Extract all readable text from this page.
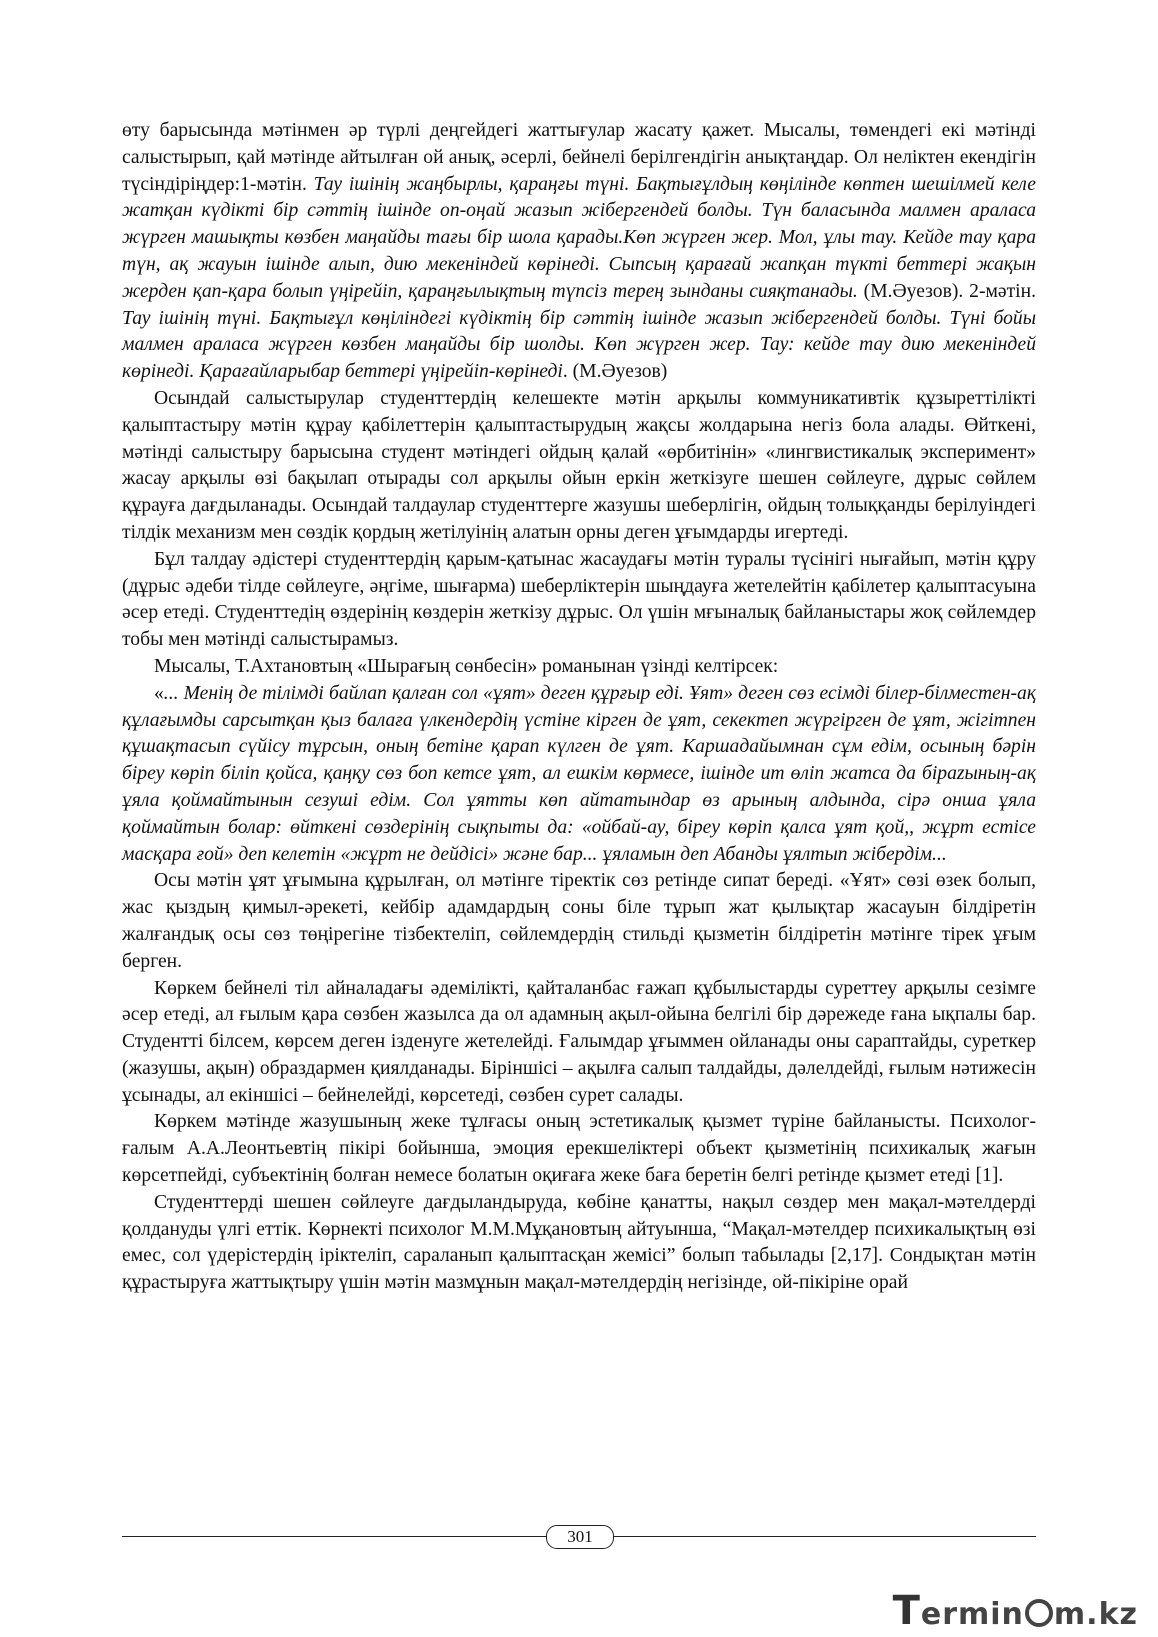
өту барысында мәтінмен әр түрлі деңгейдегі жаттығулар жасату қажет. Мысалы, төмендегі екі мәтінді салыстырып, қай мәтінде айтылған ой анық, әсерлі, бейнелі берілгендігін анықтаңдар. Ол неліктен екендігін түсіндіріңдер:1-мәтін. Тау ішінің жаңбырлы, қараңғы түні. Бақтығұлдың көңілінде көптен шешілмей келе жатқан күдікті бір сәттің ішінде оп-оңай жазып жібергендей болды. Түн баласында малмен араласа жүрген машықты көзбен маңайды тағы бір шола қарады.Көп жүрген жер. Мол, ұлы тау. Кейде тау қара түн, ақ жауын ішінде алып, дию мекеніндей көрінеді. Сыпсың қарағай жапқан түкті беттері жақын жерден қап-қара болып үңірейіп, қараңғылықтың түпсіз терең зынданы сияқтанады. (М.Әуезов). 2-мәтін. Тау ішінің түні. Бақтығұл көңіліндегі күдіктің бір сәттің ішінде жазып жібергендей болды. Түні бойы малмен араласа жүрген көзбен маңайды бір шолды. Көп жүрген жер. Тау: кейде тау дию мекеніндей көрінеді. Қарағайларыбар беттері үңірейіп-көрінеді. (М.Әуезов)

Осындай салыстырулар студенттердің келешекте мәтін арқылы коммуникативтік құзыреттілікті қалыптастыру мәтін құрау қабілеттерін қалыптастырудың жақсы жолдарына негіз бола алады. Өйткені, мәтінді салыстыру барысына студент мәтіндегі ойдың қалай «өрбитінін» «лингвистикалық эксперимент» жасау арқылы өзі бақылап отырады сол арқылы ойын еркін жеткізуге шешен сөйлеуге, дұрыс сөйлем құрауға дағдыланады. Осындай талдаулар студенттерге жазушы шеберлігін, ойдың толыққанды берілуіндегі тілдік механизм мен сөздік қордың жетілуінің алатын орны деген ұғымдарды игертеді.

Бұл талдау әдістері студенттердің қарым-қатынас жасаудағы мәтін туралы түсінігі нығайып, мәтін құру (дұрыс әдеби тілде сөйлеуге, әңгіме, шығарма) шеберліктерін шыңдауға жетелейтін қабілетер қалыптасуына әсер етеді. Студенттедің өздерінің көздерін жеткізу дұрыс. Ол үшін мғыналық байланыстары жоқ сөйлемдер тобы мен мәтінді салыстырамыз.

Мысалы, Т.Ахтановтың «Шырағың сөнбесін» романынан үзінді келтірсек:

«... Менің де тілімді байлап қалған сол «ұят» деген құрғыр еді. Ұят» деген сөз есімді білер-білместен-ақ құлағымды сарсытқан қыз балаға үлкендердің үстіне кірген де ұят, секектеп жүргірген де ұят, жігітпен құшақтасып сүйісу тұрсын, оның бетіне қарап күлген де ұят. Каршадайымнан сұм едім, осының бәрін біреу көріп біліп қойса, қаңқу сөз боп кетсе ұят, ал ешкім көрмесе, ішінде ит өліп жатса да бірazының-ақ ұяла қоймайтынын сезуші едім. Сол ұятты көп айтатындар өз арының алдында, сірә онша ұяла қоймайтын болар: өйткені сөздерінің сықпыты да: «ойбай-ау, біреу көріп қалса ұят қой,, жұрт естісе масқара ғой» деп келетін «жұрт не дейдісі» және бар... ұяламын деп Абанды ұялтып жібердім...

Осы мәтін ұят ұғымына құрылған, ол мәтінге тіректік сөз ретінде сипат береді. «Ұят» сөзі өзек болып, жас қыздың қимыл-әрекеті, кейбір адамдардың соны біле тұрып жат қылықтар жасауын білдіретін жалғандық осы сөз төңірегіне тізбектеліп, сөйлемдердің стильді қызметін білдіретін мәтінге тірек ұғым берген.

Көркем бейнелі тіл айналадағы әдемілікті, қайталанбас ғажап құбылыстарды суреттеу арқылы сезімге әсер етеді, ал ғылым қара сөзбен жазылса да ол адамның ақыл-ойына белгілі бір дәрежеде ғана ықпалы бар. Студентті білсем, көрсем деген ізденуге жетелейді. Ғалымдар ұғыммен ойланады оны сараптайды, суреткер (жазушы, ақын) образдармен қиялданады. Біріншісі – ақылға салып талдайды, дәлелдейді, ғылым нәтижесін ұсынады, ал екіншісі – бейнелейді, көрсетеді, сөзбен сурет салады.

Көркем мәтінде жазушының жеке тұлғасы оның эстетикалық қызмет түріне байланысты. Психолог-ғалым А.А.Леонтьевтің пікірі бойынша, эмоция ерекшеліктері объект қызметінің психикалық жағын көрсетпейді, субъектінің болған немесе болатын оқиғаға жеке баға беретін белгі ретінде қызмет етеді [1].

Студенттерді шешен сөйлеуге дағдыландыруда, көбіне қанатты, нақыл сөздер мен мақал-мәтелдерді қолдануды үлгі еттік. Көрнекті психолог М.М.Мұқановтың айтуынша, “Мақал-мәтелдер психикалықтың өзі емес, сол үдерістердің іріктеліп, сараланып қалыптасқан жемісі” болып табылады [2,17]. Сондықтан мәтін құрастыруға жаттықтыру үшін мәтін мазмұнын мақал-мәтелдердің негізінде, ой-пікіріне орай

301
Termin m.kz
